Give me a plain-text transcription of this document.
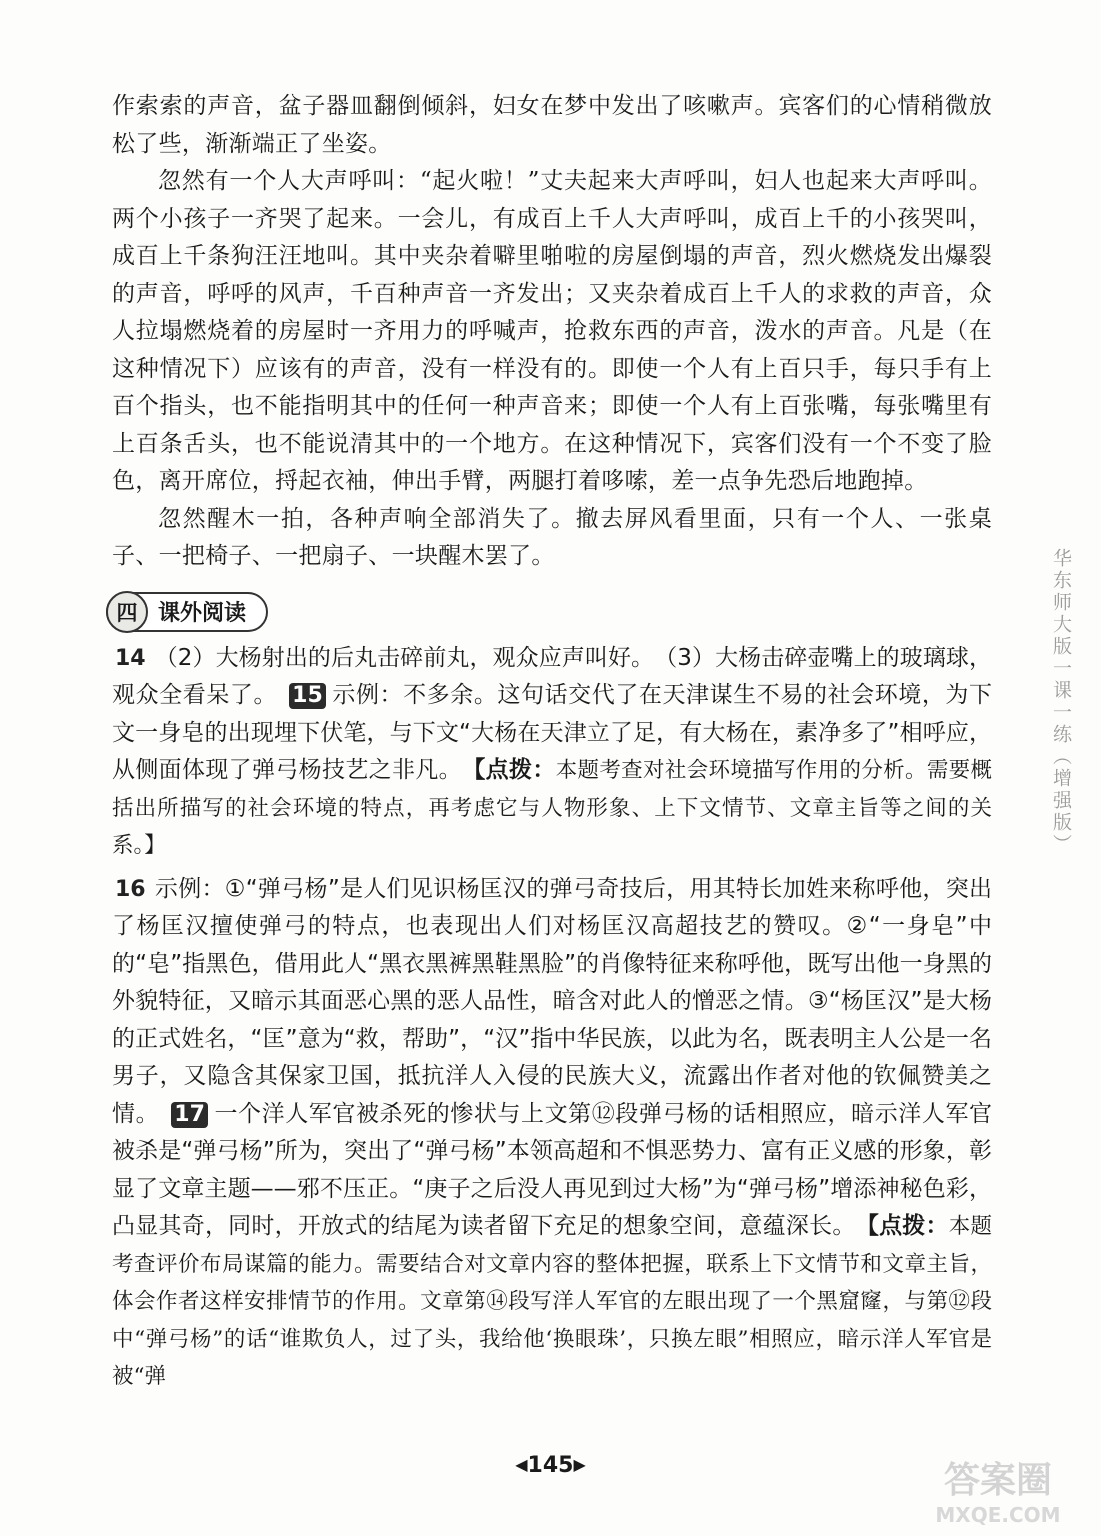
作索索的声音，盆子器皿翻倒倾斜，妇女在梦中发出了咳嗽声。宾客们的心情稍微放松了些，渐渐端正了坐姿。

忽然有一个人大声呼叫：“起火啦！”丈夫起来大声呼叫，妇人也起来大声呼叫。两个小孩子一齐哭了起来。一会儿，有成百上千人大声呼叫，成百上千的小孩哭叫，成百上千条狗汪汪地叫。其中夹杂着噼里啪啦的房屋倒塌的声音，烈火燃烧发出爆裂的声音，呼呼的风声，千百种声音一齐发出；又夹杂着成百上千人的求救的声音，众人拉塌燃烧着的房屋时一齐用力的呼喊声，抢救东西的声音，泼水的声音。凡是（在这种情况下）应该有的声音，没有一样没有的。即使一个人有上百只手，每只手有上百个指头，也不能指明其中的任何一种声音来；即使一个人有上百张嘴，每张嘴里有上百条舌头，也不能说清其中的一个地方。在这种情况下，宾客们没有一个不变了脸色，离开席位，捋起衣袖，伸出手臂，两腿打着哆嗦，差一点争先恐后地跑掉。

忽然醒木一拍，各种声响全部消失了。撤去屏风看里面，只有一个人、一张桌子、一把椅子、一把扇子、一块醒木罢了。

四 课外阅读

14 （2）大杨射出的后丸击碎前丸，观众应声叫好。　（3）大杨击碎壶嘴上的玻璃球，观众全看呆了。　 15 示例：不多余。这句话交代了在天津谋生不易的社会环境，为下文一身皂的出现埋下伏笔，与下文“大杨在天津立了足，有大杨在，素净多了”相呼应，从侧面体现了弹弓杨技艺之非凡。　 【点拨：本题考查对社会环境描写作用的分析。需要概括出所描写的社会环境的特点，再考虑它与人物形象、上下文情节、文章主旨等之间的关系。】

16 示例：①“弹弓杨”是人们见识杨匡汉的弹弓奇技后，用其特长加姓来称呼他，突出了杨匡汉擅使弹弓的特点，也表现出人们对杨匡汉高超技艺的赞叹。②“一身皂”中的“皂”指黑色，借用此人“黑衣黑裤黑鞋黑脸”的肖像特征来称呼他，既写出他一身黑的外貌特征，又暗示其面恶心黑的恶人品性，暗含对此人的憎恶之情。③“杨匡汉”是大杨的正式姓名，“匡”意为“救，帮助”，“汉”指中华民族，以此为名，既表明主人公是一名男子，又隐含其保家卫国，抵抗洋人入侵的民族大义，流露出作者对他的钦佩赞美之情。　 17 一个洋人军官被杀死的惨状与上文第⑫段弹弓杨的话相照应，暗示洋人军官被杀是“弹弓杨”所为，突出了“弹弓杨”本领高超和不惧恶势力、富有正义感的形象，彰显了文章主题——邪不压正。“庚子之后没人再见到过大杨”为“弹弓杨”增添神秘色彩，凸显其奇，同时，开放式的结尾为读者留下充足的想象空间，意蕴深长。　 【点拨：本题考查评价布局谋篇的能力。需要结合对文章内容的整体把握，联系上下文情节和文章主旨，体会作者这样安排情节的作用。文章第⑭段写洋人军官的左眼出现了一个黑窟窿，与第⑫段中“弹弓杨”的话“谁欺负人，过了头，我给他‘换眼珠’，只换左眼”相照应，暗示洋人军官是被“弹

华东师大版一课一练（增强版）
◀145▶	答案圈
MXQE.COM
